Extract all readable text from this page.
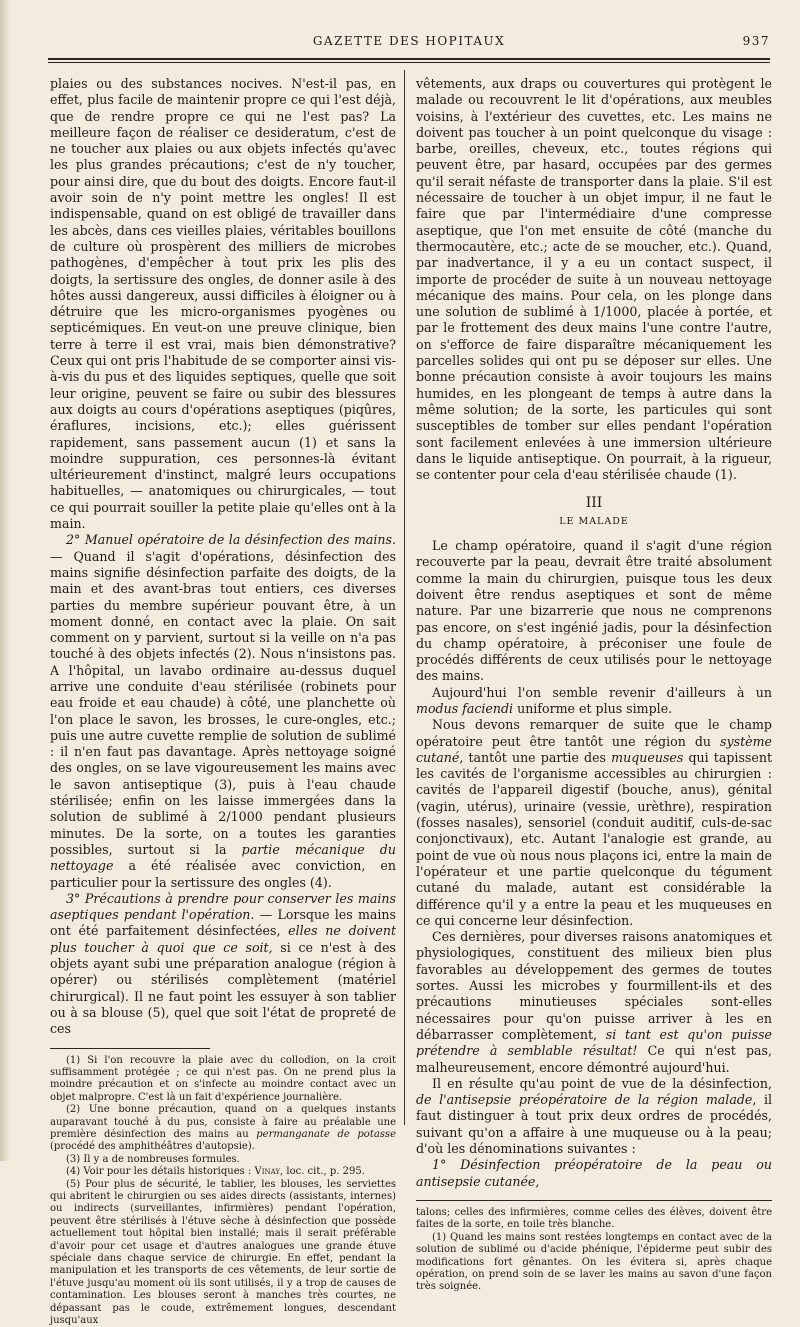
GAZETTE DES HOPITAUX	937

plaies ou des substances nocives. N'est-il pas, en effet, plus facile de maintenir propre ce qui l'est déjà, que de rendre propre ce qui ne l'est pas? La meilleure façon de réaliser ce desideratum, c'est de ne toucher aux plaies ou aux objets infectés qu'avec les plus grandes précautions; c'est de n'y toucher, pour ainsi dire, que du bout des doigts. Encore faut-il avoir soin de n'y point mettre les ongles! Il est indispensable, quand on est obligé de travailler dans les abcès, dans ces vieilles plaies, véritables bouillons de culture où prospèrent des milliers de microbes pathogènes, d'empêcher à tout prix les plis des doigts, la sertissure des ongles, de donner asile à des hôtes aussi dangereux, aussi difficiles à éloigner ou à détruire que les micro-organismes pyogènes ou septicémiques. En veut-on une preuve clinique, bien terre à terre il est vrai, mais bien démonstrative? Ceux qui ont pris l'habitude de se comporter ainsi vis-à-vis du pus et des liquides septiques, quelle que soit leur origine, peuvent se faire ou subir des blessures aux doigts au cours d'opérations aseptiques (piqûres, éraflures, incisions, etc.); elles guérissent rapidement, sans passement aucun (1) et sans la moindre suppuration, ces personnes-là évitant ultérieurement d'instinct, malgré leurs occupations habituelles, — anatomiques ou chirurgicales, — tout ce qui pourrait souiller la petite plaie qu'elles ont à la main.

2° Manuel opératoire de la désinfection des mains. — Quand il s'agit d'opérations, désinfection des mains signifie désinfection parfaite des doigts, de la main et des avant-bras tout entiers, ces diverses parties du membre supérieur pouvant être, à un moment donné, en contact avec la plaie. On sait comment on y parvient, surtout si la veille on n'a pas touché à des objets infectés (2). Nous n'insistons pas. A l'hôpital, un lavabo ordinaire au-dessus duquel arrive une conduite d'eau stérilisée (robinets pour eau froide et eau chaude) à côté, une planchette où l'on place le savon, les brosses, le cure-ongles, etc.; puis une autre cuvette remplie de solution de sublimé : il n'en faut pas davantage. Après nettoyage soigné des ongles, on se lave vigoureusement les mains avec le savon antiseptique (3), puis à l'eau chaude stérilisée; enfin on les laisse immergées dans la solution de sublimé à 2/1000 pendant plusieurs minutes. De la sorte, on a toutes les garanties possibles, surtout si la partie mécanique du nettoyage a été réalisée avec conviction, en particulier pour la sertissure des ongles (4).

3° Précautions à prendre pour conserver les mains aseptiques pendant l'opération. — Lorsque les mains ont été parfaitement désinfectées, elles ne doivent plus toucher à quoi que ce soit, si ce n'est à des objets ayant subi une préparation analogue (région à opérer) ou stérilisés complètement (matériel chirurgical). Il ne faut point les essuyer à son tablier ou à sa blouse (5), quel que soit l'état de propreté de ces

(1) Si l'on recouvre la plaie avec du collodion, on la croit suffisamment protégée ; ce qui n'est pas. On ne prend plus la moindre précaution et on s'infecte au moindre contact avec un objet malpropre. C'est là un fait d'expérience journalière.

(2) Une bonne précaution, quand on a quelques instants auparavant touché à du pus, consiste à faire au préalable une première désinfection des mains au permanganate de potasse (procédé des amphithéâtres d'autopsie).

(3) Il y a de nombreuses formules.

(4) Voir pour les détails historiques : Vinay, loc. cit., p. 295.

(5) Pour plus de sécurité, le tablier, les blouses, les serviettes qui abritent le chirurgien ou ses aides directs (assistants, internes) ou indirects (surveillantes, infirmières) pendant l'opération, peuvent être stérilisés à l'étuve sèche à désinfection que possède actuellement tout hôpital bien installé; mais il serait préférable d'avoir pour cet usage et d'autres analogues une grande étuve spéciale dans chaque service de chirurgie. En effet, pendant la manipulation et les transports de ces vêtements, de leur sortie de l'étuve jusqu'au moment où ils sont utilisés, il y a trop de causes de contamination. Les blouses seront à manches très courtes, ne dépassant pas le coude, extrêmement longues, descendant jusqu'aux

vêtements, aux draps ou couvertures qui protègent le malade ou recouvrent le lit d'opérations, aux meubles voisins, à l'extérieur des cuvettes, etc. Les mains ne doivent pas toucher à un point quelconque du visage : barbe, oreilles, cheveux, etc., toutes régions qui peuvent être, par hasard, occupées par des germes qu'il serait néfaste de transporter dans la plaie. S'il est nécessaire de toucher à un objet impur, il ne faut le faire que par l'intermédiaire d'une compresse aseptique, que l'on met ensuite de côté (manche du thermocautère, etc.; acte de se moucher, etc.). Quand, par inadvertance, il y a eu un contact suspect, il importe de procéder de suite à un nouveau nettoyage mécanique des mains. Pour cela, on les plonge dans une solution de sublimé à 1/1000, placée à portée, et par le frottement des deux mains l'une contre l'autre, on s'efforce de faire disparaître mécaniquement les parcelles solides qui ont pu se déposer sur elles. Une bonne précaution consiste à avoir toujours les mains humides, en les plongeant de temps à autre dans la même solution; de la sorte, les particules qui sont susceptibles de tomber sur elles pendant l'opération sont facilement enlevées à une immersion ultérieure dans le liquide antiseptique. On pourrait, à la rigueur, se contenter pour cela d'eau stérilisée chaude (1).

III
LE MALADE

Le champ opératoire, quand il s'agit d'une région recouverte par la peau, devrait être traité absolument comme la main du chirurgien, puisque tous les deux doivent être rendus aseptiques et sont de même nature. Par une bizarrerie que nous ne comprenons pas encore, on s'est ingénié jadis, pour la désinfection du champ opératoire, à préconiser une foule de procédés différents de ceux utilisés pour le nettoyage des mains.

Aujourd'hui l'on semble revenir d'ailleurs à un modus faciendi uniforme et plus simple.

Nous devons remarquer de suite que le champ opératoire peut être tantôt une région du système cutané, tantôt une partie des muqueuses qui tapissent les cavités de l'organisme accessibles au chirurgien : cavités de l'appareil digestif (bouche, anus), génital (vagin, utérus), urinaire (vessie, urèthre), respiration (fosses nasales), sensoriel (conduit auditif, culs-de-sac conjonctivaux), etc. Autant l'analogie est grande, au point de vue où nous nous plaçons ici, entre la main de l'opérateur et une partie quelconque du tégument cutané du malade, autant est considérable la différence qu'il y a entre la peau et les muqueuses en ce qui concerne leur désinfection.

Ces dernières, pour diverses raisons anatomiques et physiologiques, constituent des milieux bien plus favorables au développement des germes de toutes sortes. Aussi les microbes y fourmillent-ils et des précautions minutieuses spéciales sont-elles nécessaires pour qu'on puisse arriver à les en débarrasser complètement, si tant est qu'on puisse prétendre à semblable résultat! Ce qui n'est pas, malheureusement, encore démontré aujourd'hui.

Il en résulte qu'au point de vue de la désinfection, de l'antisepsie préopératoire de la région malade, il faut distinguer à tout prix deux ordres de procédés, suivant qu'on a affaire à une muqueuse ou à la peau; d'où les dénominations suivantes :

1° Désinfection préopératoire de la peau ou antisepsie cutanée,

talons; celles des infirmières, comme celles des élèves, doivent être faites de la sorte, en toile très blanche.

(1) Quand les mains sont restées longtemps en contact avec de la solution de sublimé ou d'acide phénique, l'épiderme peut subir des modifications fort gênantes. On les évitera si, après chaque opération, on prend soin de se laver les mains au savon d'une façon très soignée.
